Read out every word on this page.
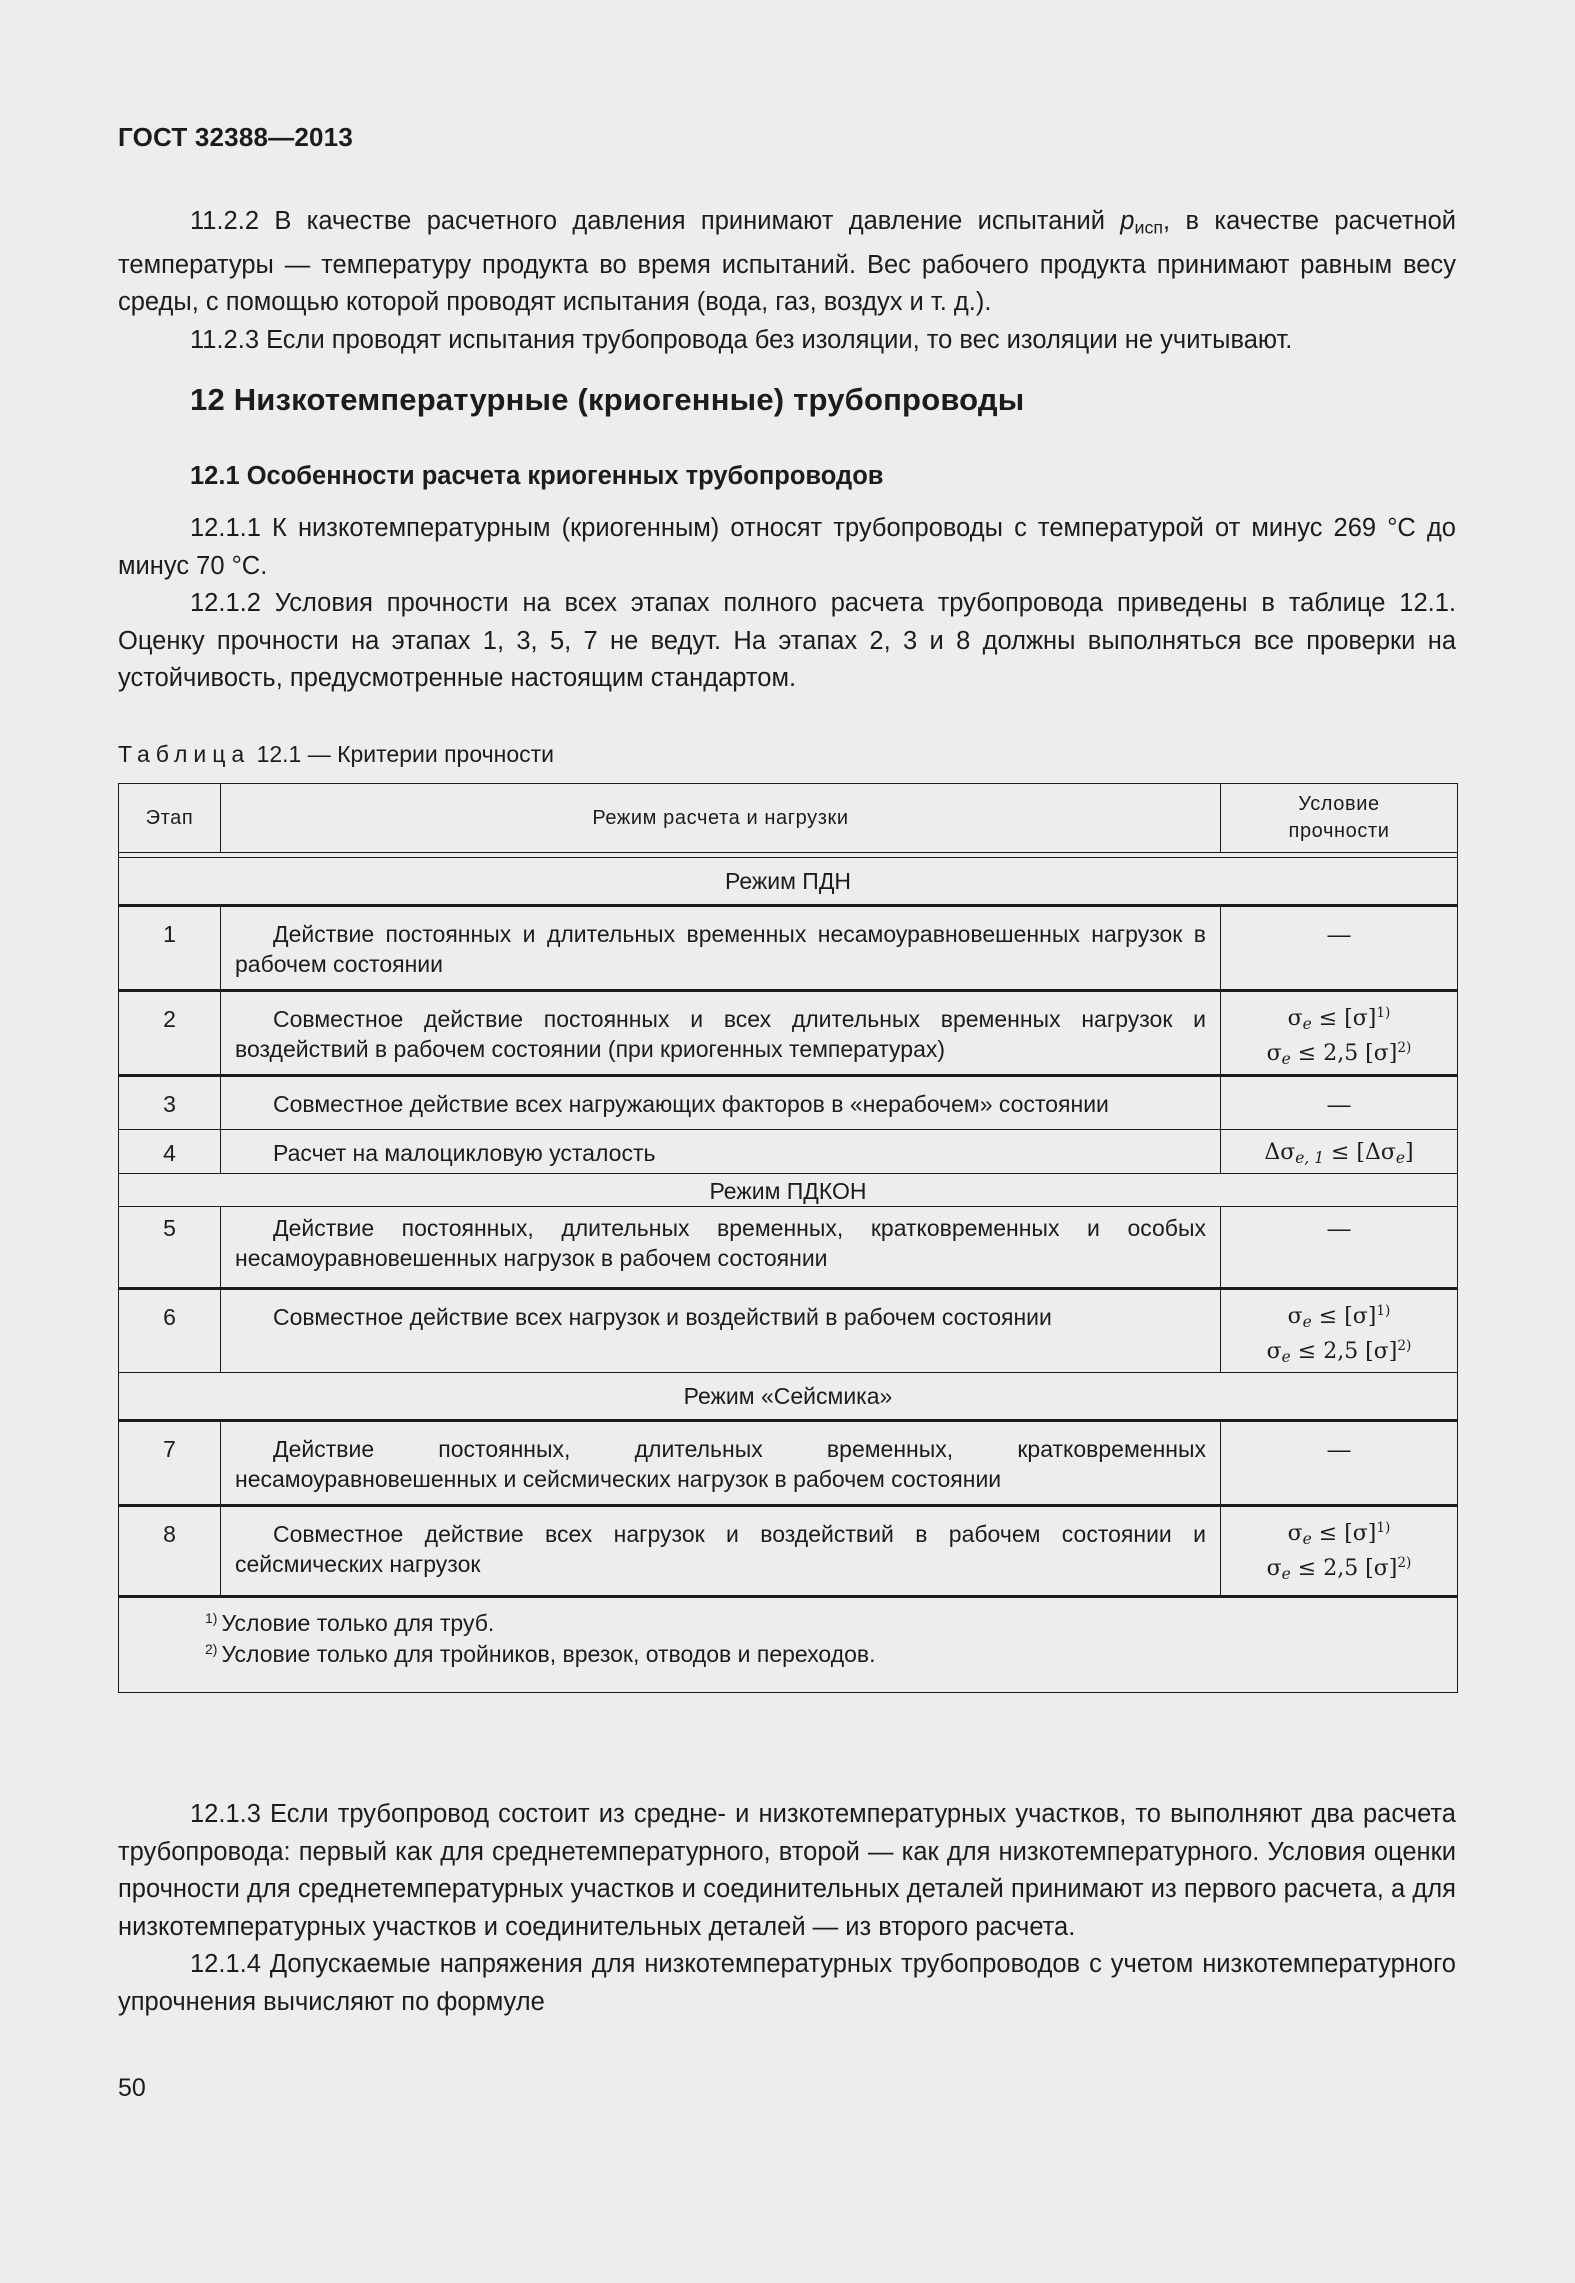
ГОСТ 32388—2013

11.2.2 В качестве расчетного давления принимают давление испытаний $p_{исп}$, в качестве расчетной температуры — температуру продукта во время испытаний. Вес рабочего продукта принимают равным весу среды, с помощью которой проводят испытания (вода, газ, воздух и т. д.).

11.2.3 Если проводят испытания трубопровода без изоляции, то вес изоляции не учитывают.

12 Низкотемпературные (криогенные) трубопроводы
12.1 Особенности расчета криогенных трубопроводов

12.1.1 К низкотемпературным (криогенным) относят трубопроводы с температурой от минус 269 °С до минус 70 °С.

12.1.2 Условия прочности на всех этапах полного расчета трубопровода приведены в таблице 12.1. Оценку прочности на этапах 1, 3, 5, 7 не ведут. На этапах 2, 3 и 8 должны выполняться все проверки на устойчивость, предусмотренные настоящим стандартом.

Таблица 12.1 — Критерии прочности
Этап	Режим расчета и нагрузки	Условие
прочности

Режим ПДН		
1	Действие постоянных и длительных временных несамоуравновешенных нагрузок в рабочем состоянии	—
2	Совместное действие постоянных и всех длительных временных нагрузок и воздействий в рабочем состоянии (при криогенных температурах)	$\sigma_e \le [\sigma]^{1)}$
$\sigma_e \le 2,5$ $[\sigma]^{2)}$

3	Совместное действие всех нагружающих факторов в «нерабочем» состоянии	—
4	Расчет на малоцикловую усталость	$\Delta\sigma_{e, 1} \le [\Delta\sigma_e]$
Режим ПДКОН		
5	Действие постоянных, длительных временных, кратковременных и особых несамоуравновешенных нагрузок в рабочем состоянии	—
6	Совместное действие всех нагрузок и воздействий в рабочем состоянии	$\sigma_e \le [\sigma]^{1)}$
$\sigma_e \le 2,5$ $[\sigma]^{2)}$

Режим «Сейсмика»		
7	Действие постоянных, длительных временных, кратковременных несамоуравновешенных и сейсмических нагрузок в рабочем состоянии	—
8	Совместное действие всех нагрузок и воздействий в рабочем состоянии и сейсмических нагрузок	$\sigma_e \le [\sigma]^{1)}$
$\sigma_e \le 2,5$ $[\sigma]^{2)}$

$^{1)}$ Условие только для труб.
$^{2)}$ Условие только для тройников, врезок, отводов и переходов.		

12.1.3 Если трубопровод состоит из средне- и низкотемпературных участков, то выполняют два расчета трубопровода: первый как для среднетемпературного, второй — как для низкотемпературного. Условия оценки прочности для среднетемпературных участков и соединительных деталей принимают из первого расчета, а для низкотемпературных участков и соединительных деталей — из второго расчета.

12.1.4 Допускаемые напряжения для низкотемпературных трубопроводов с учетом низкотемпературного упрочнения вычисляют по формуле

50
